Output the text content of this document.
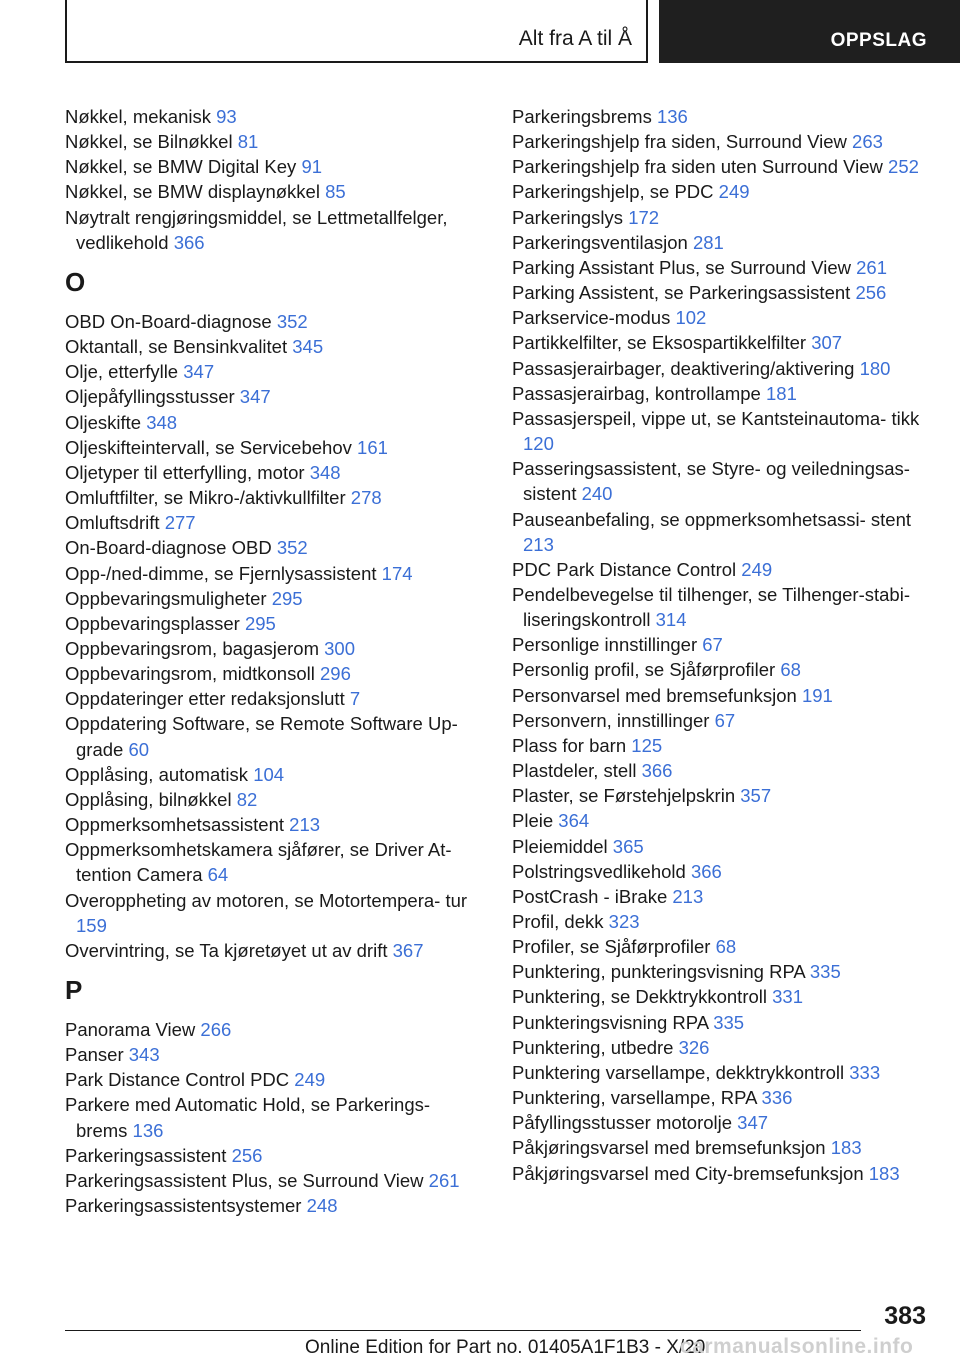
Alt fra A til Å	OPPSLAG
Nøkkel, mekanisk 93
Nøkkel, se Bilnøkkel 81
Nøkkel, se BMW Digital Key 91
Nøkkel, se BMW displaynøkkel 85
Nøytralt rengjøringsmiddel, se Lettmetallfelger, vedlikehold 366
O
OBD On-Board-diagnose 352
Oktantall, se Bensinkvalitet 345
Olje, etterfylle 347
Oljepåfyllingsstusser 347
Oljeskifte 348
Oljeskifteintervall, se Servicebehov 161
Oljetyper til etterfylling, motor 348
Omluftfilter, se Mikro-/aktivkullfilter 278
Omluftsdrift 277
On-Board-diagnose OBD 352
Opp-/ned-dimme, se Fjernlysassistent 174
Oppbevaringsmuligheter 295
Oppbevaringsplasser 295
Oppbevaringsrom, bagasjerom 300
Oppbevaringsrom, midtkonsoll 296
Oppdateringer etter redaksjonslutt 7
Oppdatering Software, se Remote Software Up‐ grade 60
Opplåsing, automatisk 104
Opplåsing, bilnøkkel 82
Oppmerksomhetsassistent 213
Oppmerksomhetskamera sjåfører, se Driver At‐ tention Camera 64
Overoppheting av motoren, se Motortempera‐ tur 159
Overvintring, se Ta kjøretøyet ut av drift 367
P
Panorama View 266
Panser 343
Park Distance Control PDC 249
Parkere med Automatic Hold, se Parkerings‐ brems 136
Parkeringsassistent 256
Parkeringsassistent Plus, se Surround View 261
Parkeringsassistentsystemer 248
Parkeringsbrems 136
Parkeringshjelp fra siden, Surround View 263
Parkeringshjelp fra siden uten Surround View 252
Parkeringshjelp, se PDC 249
Parkeringslys 172
Parkeringsventilasjon 281
Parking Assistant Plus, se Surround View 261
Parking Assistent, se Parkeringsassistent 256
Parkservice-modus 102
Partikkelfilter, se Eksospartikkelfilter 307
Passasjerairbager, deaktivering/aktivering 180
Passasjerairbag, kontrollampe 181
Passasjerspeil, vippe ut, se Kantsteinautoma‐ tikk 120
Passeringsassistent, se Styre- og veiledningsas‐ sistent 240
Pauseanbefaling, se oppmerksomhetsassi‐ stent 213
PDC Park Distance Control 249
Pendelbevegelse til tilhenger, se Tilhenger-stabi‐ liseringskontroll 314
Personlige innstillinger 67
Personlig profil, se Sjåførprofiler 68
Personvarsel med bremsefunksjon 191
Personvern, innstillinger 67
Plass for barn 125
Plastdeler, stell 366
Plaster, se Førstehjelpskrin 357
Pleie 364
Pleiemiddel 365
Polstringsvedlikehold 366
PostCrash - iBrake 213
Profil, dekk 323
Profiler, se Sjåførprofiler 68
Punktering, punkteringsvisning RPA 335
Punktering, se Dekktrykkontroll 331
Punkteringsvisning RPA 335
Punktering, utbedre 326
Punktering varsellampe, dekktrykkontroll 333
Punktering, varsellampe, RPA 336
Påfyllingsstusser motorolje 347
Påkjøringsvarsel med bremsefunksjon 183
Påkjøringsvarsel med City-bremsefunksjon 183
383
Online Edition for Part no. 01405A1F1B3 - X/20
carmanualsonline.info
